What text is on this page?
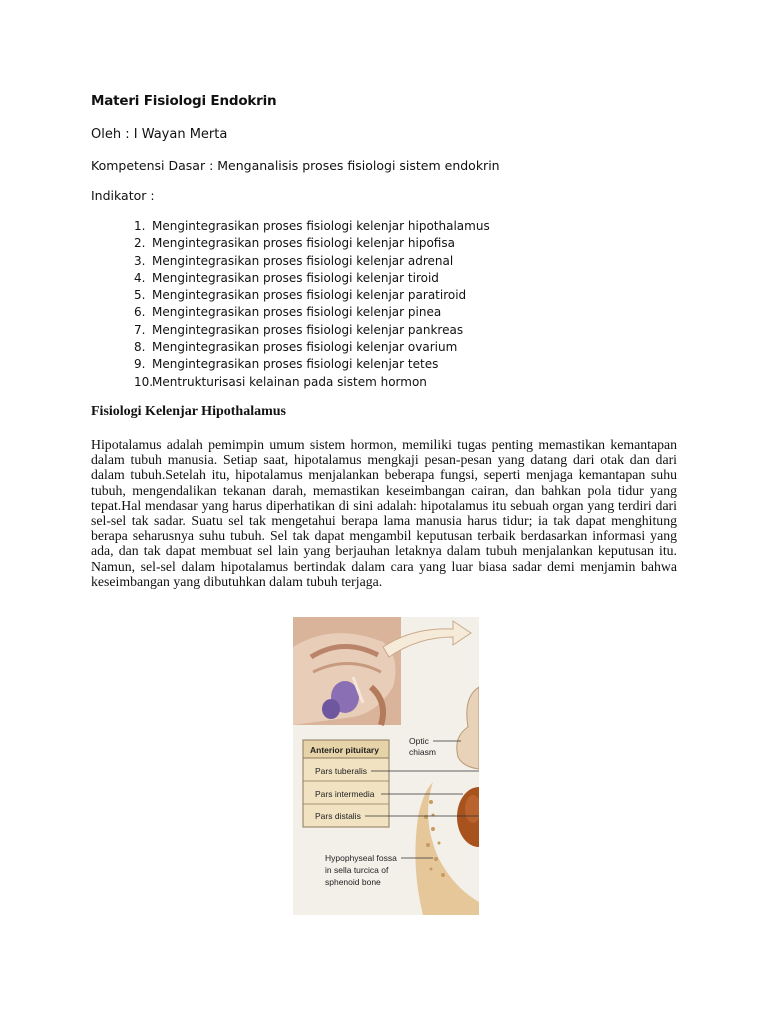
Materi Fisiologi Endokrin
Oleh : I Wayan Merta
Kompetensi Dasar : Menganalisis proses fisiologi sistem endokrin
Indikator :
1. Mengintegrasikan proses fisiologi kelenjar hipothalamus
2. Mengintegrasikan proses fisiologi kelenjar hipofisa
3. Mengintegrasikan proses fisiologi kelenjar adrenal
4. Mengintegrasikan proses fisiologi kelenjar tiroid
5. Mengintegrasikan proses fisiologi kelenjar paratiroid
6. Mengintegrasikan proses fisiologi kelenjar pinea
7. Mengintegrasikan proses fisiologi kelenjar pankreas
8. Mengintegrasikan proses fisiologi kelenjar ovarium
9. Mengintegrasikan proses fisiologi kelenjar tetes
10.Mentrukturisasi kelainan pada sistem hormon
Fisiologi Kelenjar Hipothalamus

Hipotalamus adalah pemimpin umum sistem hormon, memiliki tugas penting memastikan kemantapan dalam tubuh manusia. Setiap saat, hipotalamus mengkaji pesan-pesan yang datang dari otak dan dari dalam tubuh.Setelah itu, hipotalamus menjalankan beberapa fungsi, seperti menjaga kemantapan suhu tubuh, mengendalikan tekanan darah, memastikan keseimbangan cairan, dan bahkan pola tidur yang tepat.Hal mendasar yang harus diperhatikan di sini adalah: hipotalamus itu sebuah organ yang terdiri dari sel-sel tak sadar. Suatu sel tak mengetahui berapa lama manusia harus tidur; ia tak dapat menghitung berapa seharusnya suhu tubuh. Sel tak dapat mengambil keputusan terbaik berdasarkan informasi yang ada, dan tak dapat membuat sel lain yang berjauhan letaknya dalam tubuh menjalankan keputusan itu. Namun, sel-sel dalam hipotalamus bertindak dalam cara yang luar biasa sadar demi menjamin bahwa keseimbangan yang dibutuhkan dalam tubuh terjaga.

Optic
chiasm
Anterior pituitary
Pars tuberalis
Pars intermedia
Pars distalis
Hypophyseal fossa
in sella turcica of
sphenoid bone
